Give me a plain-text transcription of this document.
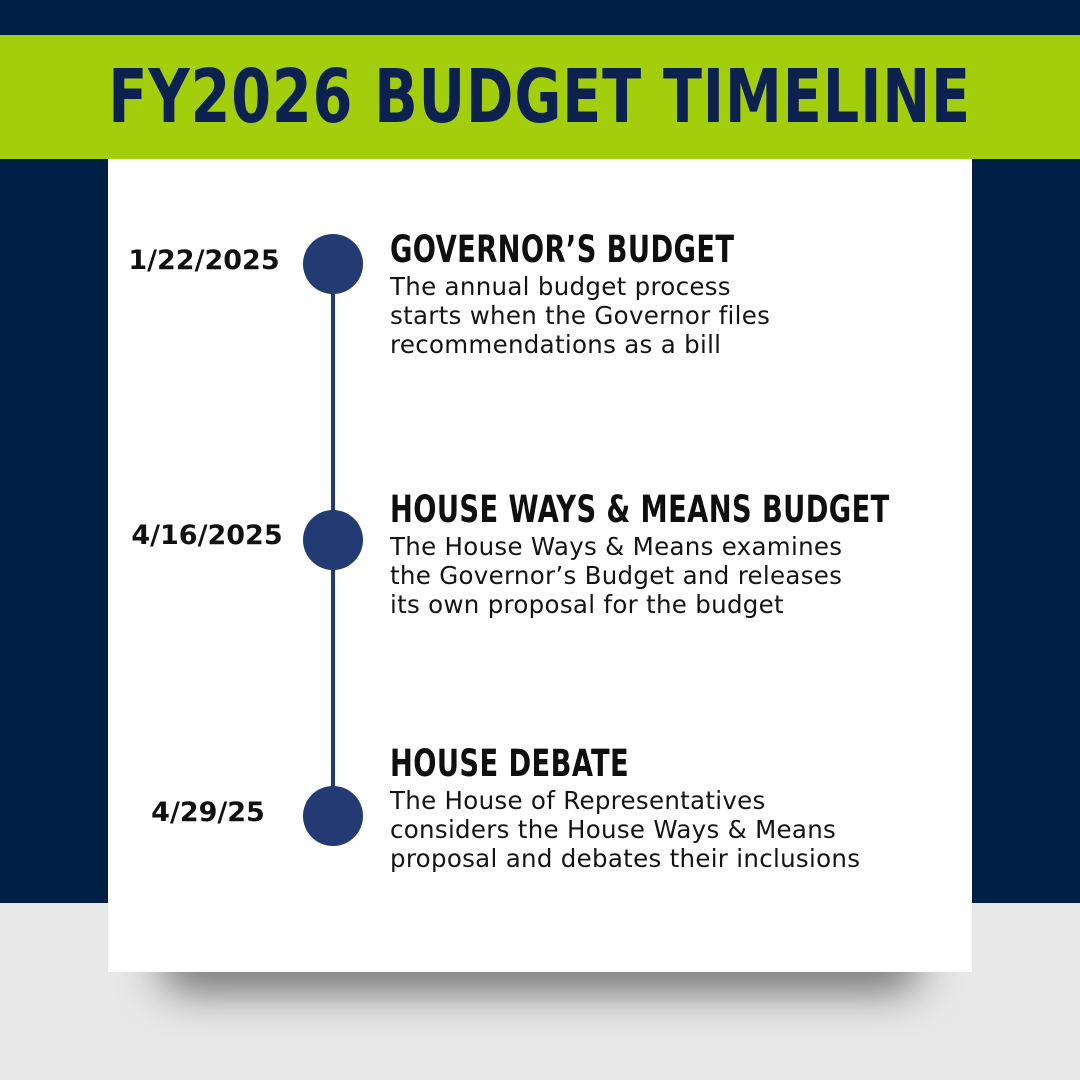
FY2026 BUDGET TIMELINE
1/22/2025	GOVERNOR’S BUDGET
The annual budget process
starts when the Governor files
recommendations as a bill
4/16/2025
HOUSE WAYS & MEANS BUDGET
The House Ways & Means examines
the Governor’s Budget and releases
its own proposal for the budget
4/29/25
HOUSE DEBATE
The House of Representatives
considers the House Ways & Means
proposal and debates their inclusions
